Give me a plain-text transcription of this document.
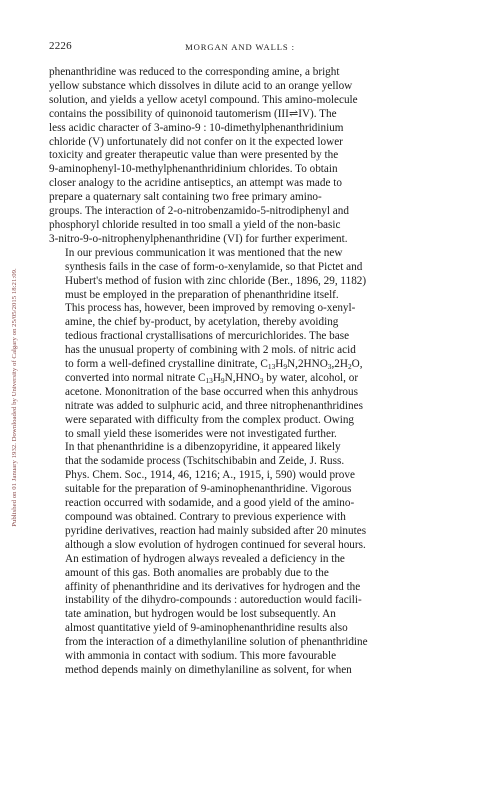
2226	MORGAN AND WALLS :
Published on 01 January 1932. Downloaded by University of Calgary on 25/05/2015 18:21:09.

phenanthridine was reduced to the corresponding amine, a bright
yellow substance which dissolves in dilute acid to an orange yellow
solution, and yields a yellow acetyl compound. This amino-molecule
contains the possibility of quinonoid tautomerism (III⇌IV). The
less acidic character of 3-amino-9 : 10-dimethylphenanthridinium
chloride (V) unfortunately did not confer on it the expected lower
toxicity and greater therapeutic value than were presented by the
9-aminophenyl-10-methylphenanthridinium chlorides. To obtain
closer analogy to the acridine antiseptics, an attempt was made to
prepare a quaternary salt containing two free primary amino-
groups. The interaction of 2-o-nitrobenzamido-5-nitrodiphenyl and
phosphoryl chloride resulted in too small a yield of the non-basic
3-nitro-9-o-nitrophenylphenanthridine (VI) for further experiment.

In our previous communication it was mentioned that the new
synthesis fails in the case of form-o-xenylamide, so that Pictet and
Hubert's method of fusion with zinc chloride (Ber., 1896, 29, 1182)
must be employed in the preparation of phenanthridine itself.
This process has, however, been improved by removing o-xenyl-
amine, the chief by-product, by acetylation, thereby avoiding
tedious fractional crystallisations of mercurichlorides. The base
has the unusual property of combining with 2 mols. of nitric acid
to form a well-defined crystalline dinitrate, $C_{13}H_9N,2HNO_3,2H_2O$,
converted into normal nitrate $C_{13}H_9N,HNO_3$ by water, alcohol, or
acetone. Mononitration of the base occurred when this anhydrous
nitrate was added to sulphuric acid, and three nitrophenanthridines
were separated with difficulty from the complex product. Owing
to small yield these isomerides were not investigated further.

In that phenanthridine is a dibenzopyridine, it appeared likely
that the sodamide process (Tschitschibabin and Zeide, J. Russ.
Phys. Chem. Soc., 1914, 46, 1216; A., 1915, i, 590) would prove
suitable for the preparation of 9-aminophenanthridine. Vigorous
reaction occurred with sodamide, and a good yield of the amino-
compound was obtained. Contrary to previous experience with
pyridine derivatives, reaction had mainly subsided after 20 minutes
although a slow evolution of hydrogen continued for several hours.
An estimation of hydrogen always revealed a deficiency in the
amount of this gas. Both anomalies are probably due to the
affinity of phenanthridine and its derivatives for hydrogen and the
instability of the dihydro-compounds : autoreduction would facili-
tate amination, but hydrogen would be lost subsequently. An
almost quantitative yield of 9-aminophenanthridine results also
from the interaction of a dimethylaniline solution of phenanthridine
with ammonia in contact with sodium. This more favourable
method depends mainly on dimethylaniline as solvent, for when
